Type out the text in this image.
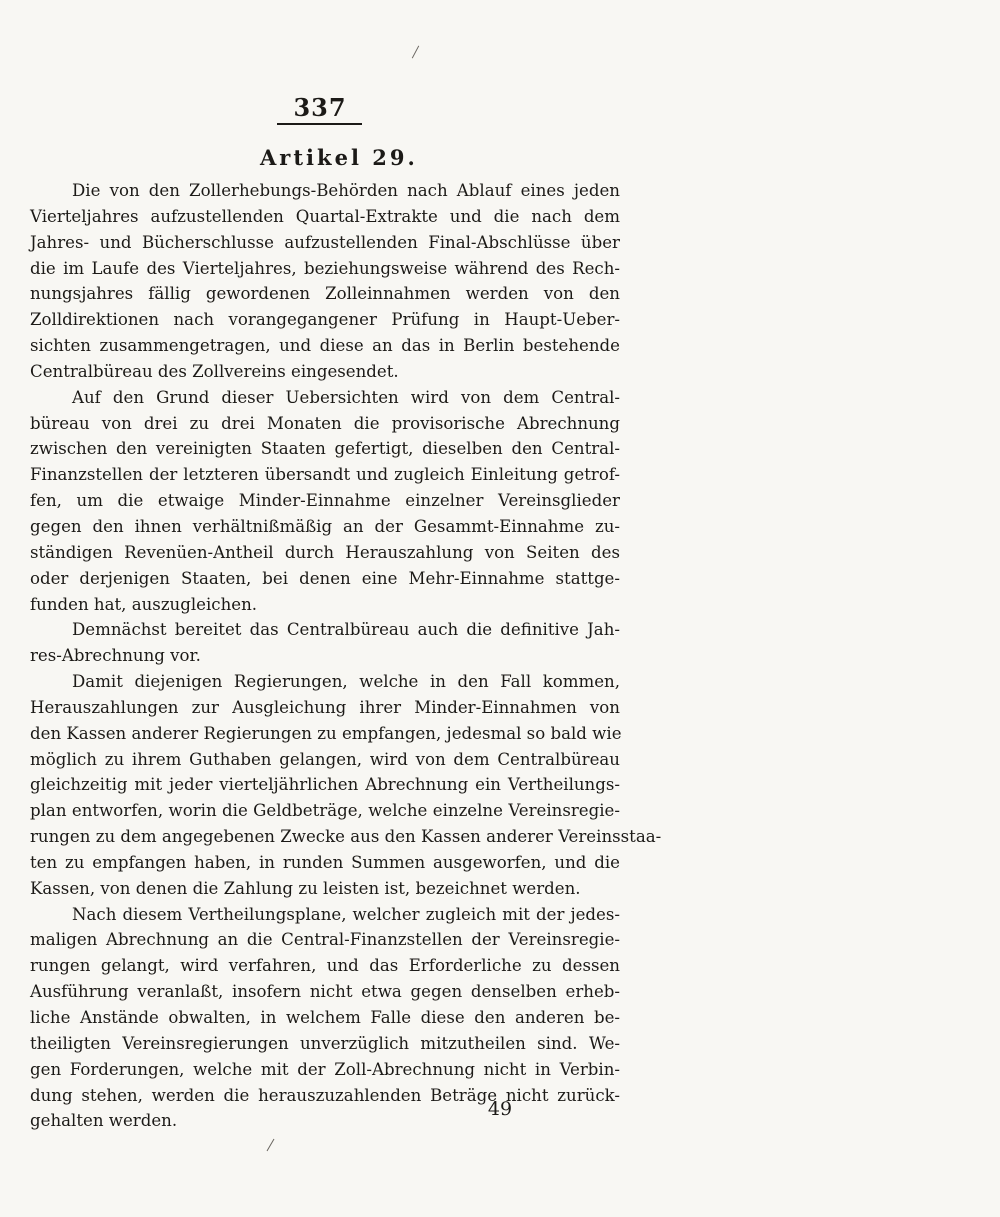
337
Artikel 29.
Die von den Zollerhebungs-Behörden nach Ablauf eines jeden
Vierteljahres aufzustellenden Quartal-Extrakte und die nach dem
Jahres- und Bücherschlusse aufzustellenden Final-Abschlüsse über
die im Laufe des Vierteljahres, beziehungsweise während des Rech-
nungsjahres fällig gewordenen Zolleinnahmen werden von den
Zolldirektionen nach vorangegangener Prüfung in Haupt-Ueber-
sichten zusammengetragen, und diese an das in Berlin bestehende
Centralbüreau des Zollvereins eingesendet.
Auf den Grund dieser Uebersichten wird von dem Central-
büreau von drei zu drei Monaten die provisorische Abrechnung
zwischen den vereinigten Staaten gefertigt, dieselben den Central-
Finanzstellen der letzteren übersandt und zugleich Einleitung getrof-
fen, um die etwaige Minder-Einnahme einzelner Vereinsglieder
gegen den ihnen verhältnißmäßig an der Gesammt-Einnahme zu-
ständigen Revenüen-Antheil durch Herauszahlung von Seiten des
oder derjenigen Staaten, bei denen eine Mehr-Einnahme stattge-
funden hat, auszugleichen.
Demnächst bereitet das Centralbüreau auch die definitive Jah-
res-Abrechnung vor.
Damit diejenigen Regierungen, welche in den Fall kommen,
Herauszahlungen zur Ausgleichung ihrer Minder-Einnahmen von
den Kassen anderer Regierungen zu empfangen, jedesmal so bald wie
möglich zu ihrem Guthaben gelangen, wird von dem Centralbüreau
gleichzeitig mit jeder vierteljährlichen Abrechnung ein Vertheilungs-
plan entworfen, worin die Geldbeträge, welche einzelne Vereinsregie-
rungen zu dem angegebenen Zwecke aus den Kassen anderer Vereinsstaa-
ten zu empfangen haben, in runden Summen ausgeworfen, und die
Kassen, von denen die Zahlung zu leisten ist, bezeichnet werden.
Nach diesem Vertheilungsplane, welcher zugleich mit der jedes-
maligen Abrechnung an die Central-Finanzstellen der Vereinsregie-
rungen gelangt, wird verfahren, und das Erforderliche zu dessen
Ausführung veranlaßt, insofern nicht etwa gegen denselben erheb-
liche Anstände obwalten, in welchem Falle diese den anderen be-
theiligten Vereinsregierungen unverzüglich mitzutheilen sind. We-
gen Forderungen, welche mit der Zoll-Abrechnung nicht in Verbin-
dung stehen, werden die herauszuzahlenden Beträge nicht zurück-
gehalten werden.
49
